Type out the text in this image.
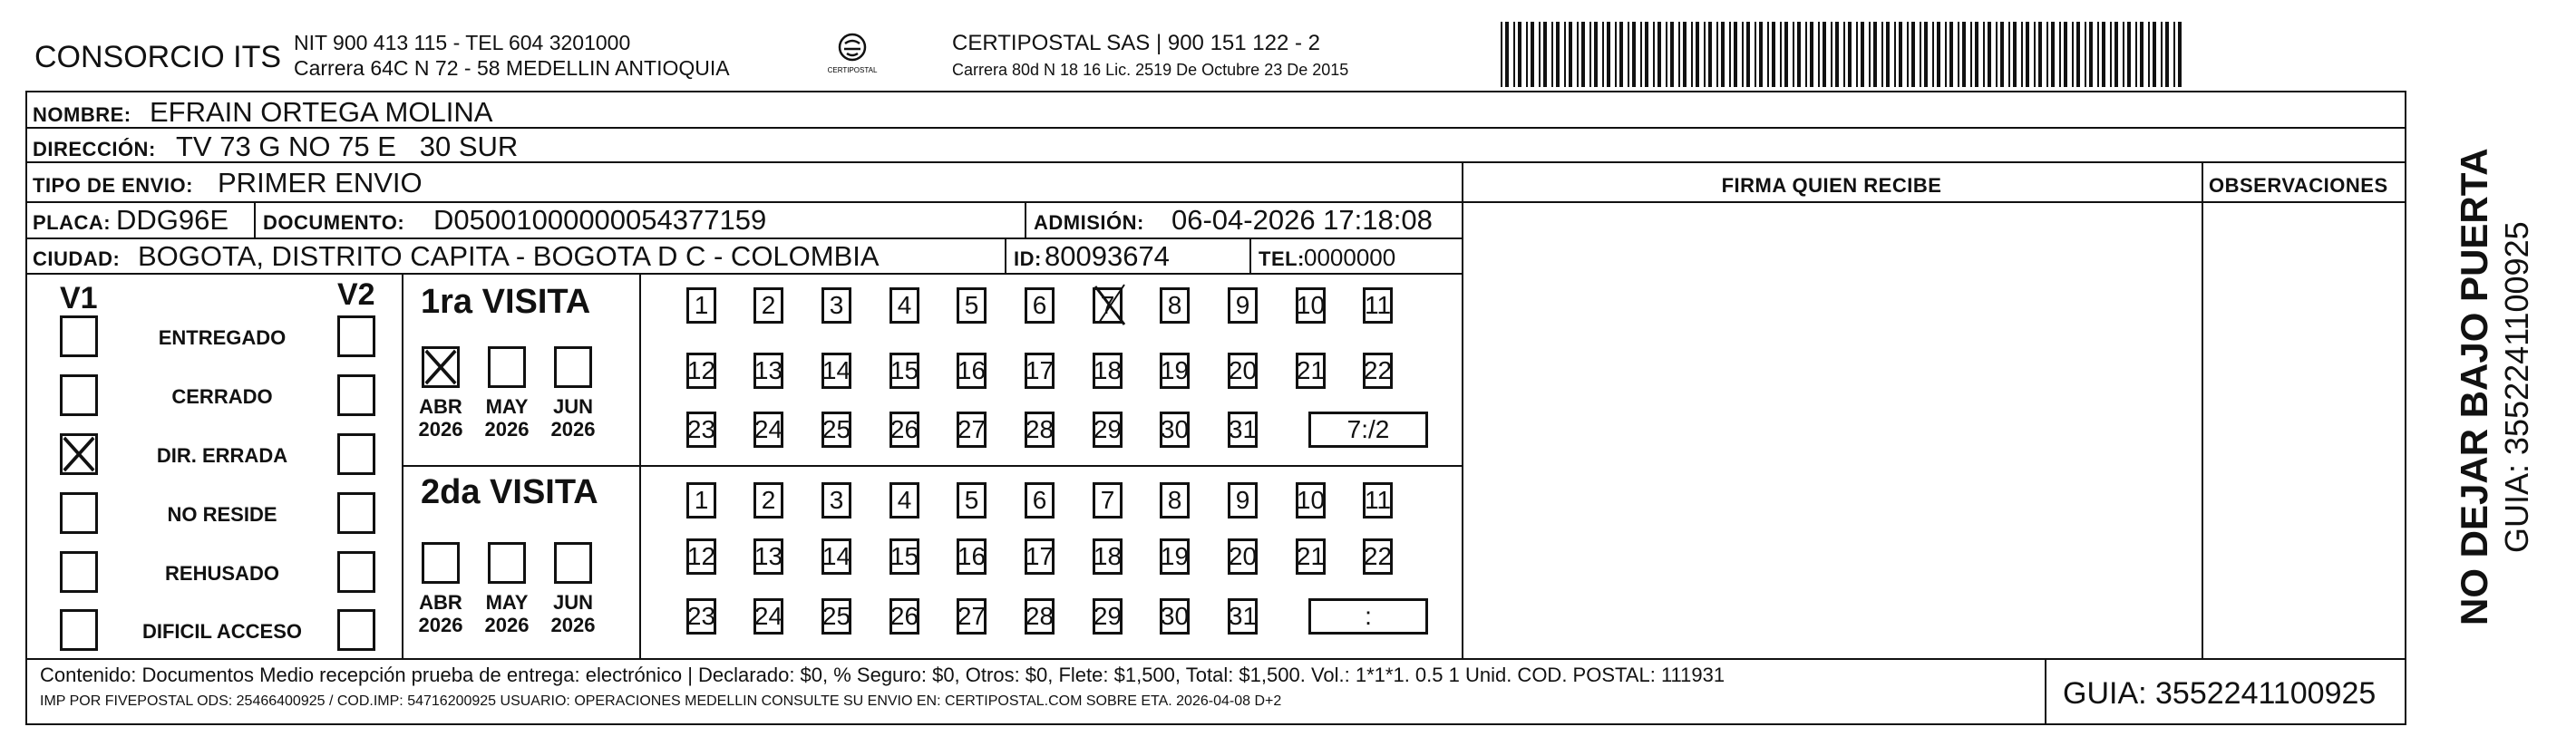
CONSORCIO ITS NIT 900 413 115 - TEL 604 3201000
Carrera 64C N 72 - 58 MEDELLIN ANTIOQUIA	CERTIPOSTAL
CERTIPOSTAL SAS | 900 151 122 - 2
Carrera 80d N 18 16 Lic. 2519 De Octubre 23 De 2015
NOMBRE: EFRAIN ORTEGA MOLINA
DIRECCIÓN: TV 73 G NO 75 E   30 SUR
TIPO DE ENVIO: PRIMER ENVIO	FIRMA QUIEN RECIBE	OBSERVACIONES
PLACA: DDG96E DOCUMENTO: D05001000000054377159	ADMISIÓN: 06-04-2026 17:18:08
CIUDAD: BOGOTA, DISTRITO CAPITA - BOGOTA D C - COLOMBIA	ID: 80093674	TEL: 0000000
V1	V2
ENTREGADO
CERRADO
DIR. ERRADA
NO RESIDE
REHUSADO
DIFICIL ACCESO
1ra VISITA
2da VISITA
ABR
2026
MAY
2026
JUN
2026
1	2	3	4	5	6	7	8	9	10 11
12 13 14 15 16 17 18 19 20 21 22
23 24 25 26 27 28 29 30 31	7:/2
ABR
2026
MAY
2026
JUN
2026
1	2	3	4	5	6	7	8	9	10 11
12 13 14 15 16 17 18 19 20 21 22
23 24 25 26 27 28 29 30 31	:
Contenido: Documentos Medio recepción prueba de entrega: electrónico | Declarado: $0, % Seguro: $0, Otros: $0, Flete: $1,500, Total: $1,500. Vol.: 1*1*1. 0.5 1 Unid. COD. POSTAL: 111931
IMP POR FIVEPOSTAL ODS: 25466400925 / COD.IMP: 54716200925 USUARIO: OPERACIONES MEDELLIN CONSULTE SU ENVIO EN: CERTIPOSTAL.COM SOBRE ETA. 2026-04-08 D+2	GUIA: 3552241100925
NO DEJAR BAJO PUERTA GUIA: 3552241100925
